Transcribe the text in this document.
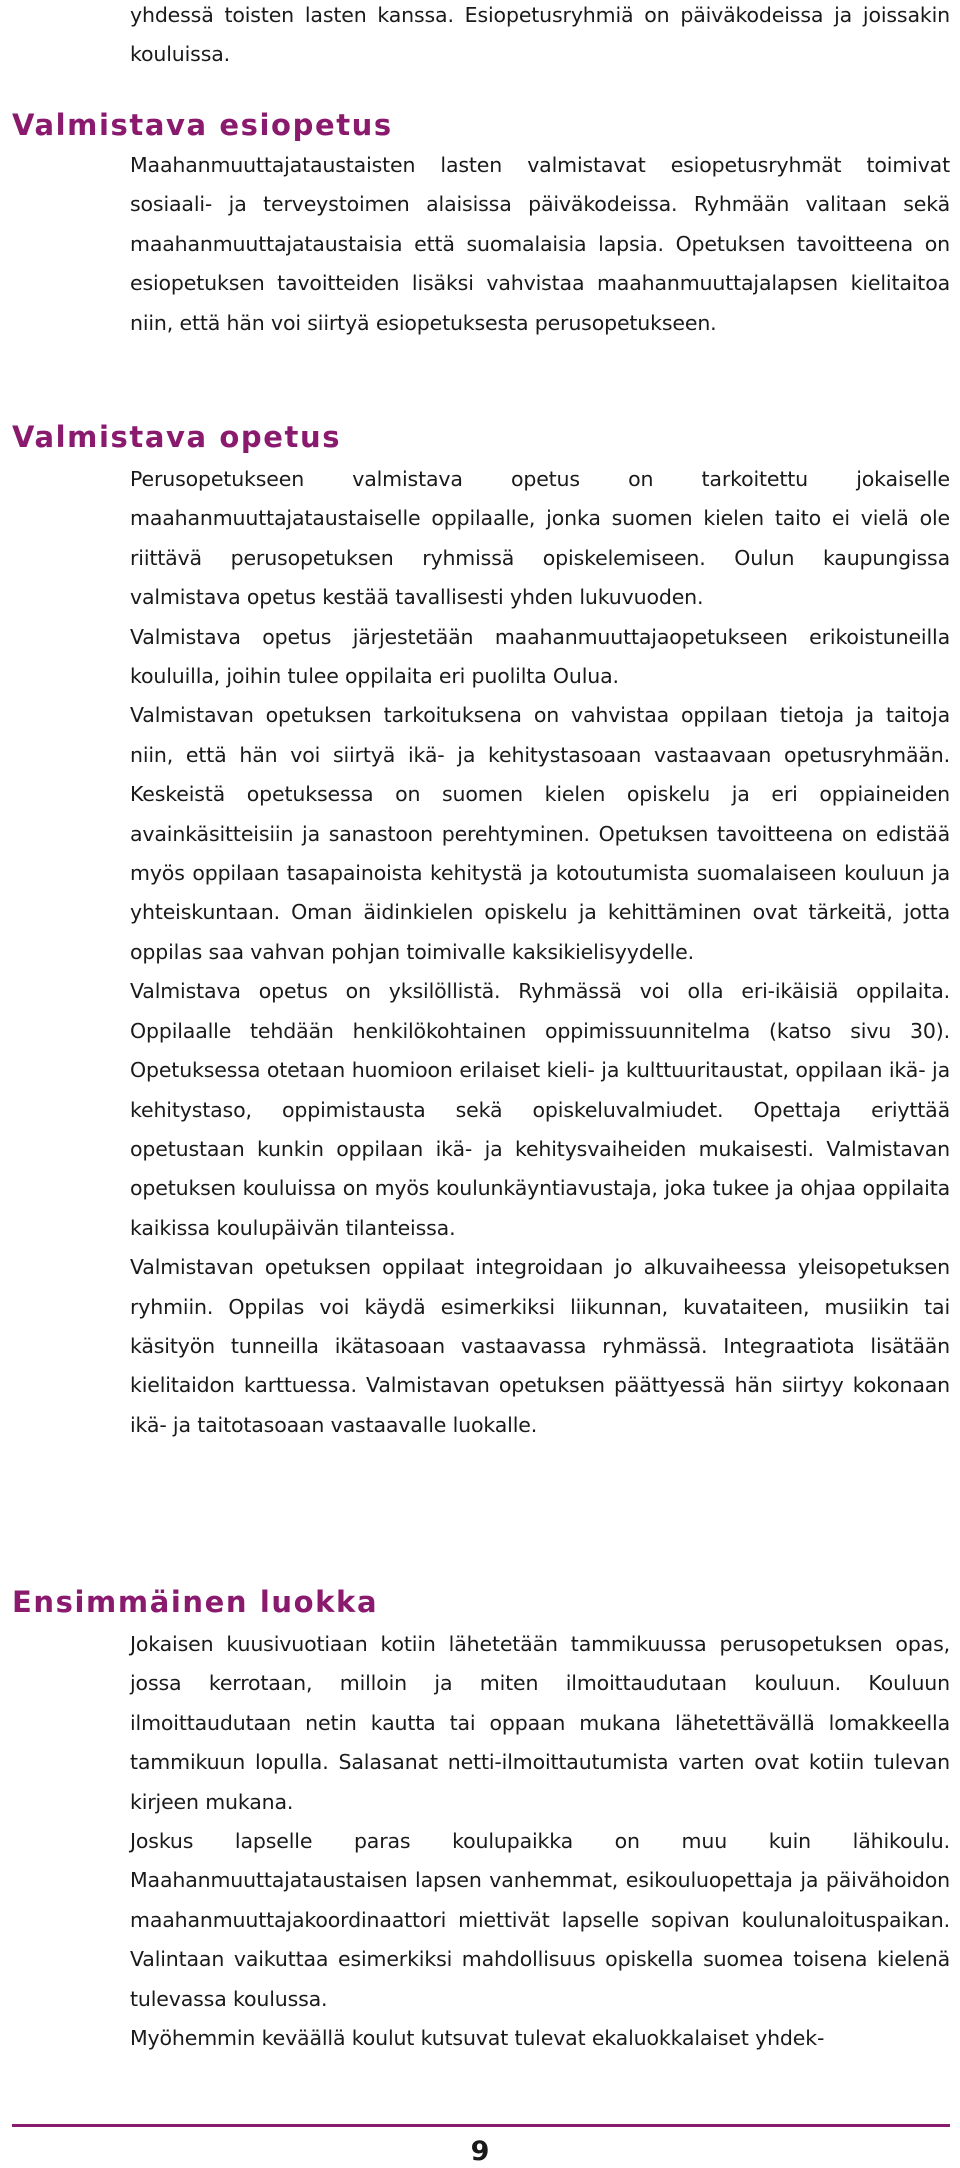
yhdessä toisten lasten kanssa. Esiopetusryhmiä on päiväkodeissa ja joissakin kouluissa.

Valmistava esiopetus

Maahanmuuttajataustaisten lasten valmistavat esiopetusryhmät toimivat sosiaali- ja terveystoimen alaisissa päiväkodeissa. Ryhmään valitaan sekä maahanmuuttajataustaisia että suomalaisia lapsia. Opetuksen tavoitteena on esiopetuksen tavoitteiden lisäksi vahvistaa maahanmuuttajalapsen kielitaitoa niin, että hän voi siirtyä esiopetuksesta perusopetukseen.

Valmistava opetus

Perusopetukseen valmistava opetus on tarkoitettu jokaiselle maahanmuuttajataustaiselle oppilaalle, jonka suomen kielen taito ei vielä ole riittävä perusopetuksen ryhmissä opiskelemiseen. Oulun kaupungissa valmistava opetus kestää tavallisesti yhden lukuvuoden.

Valmistava opetus järjestetään maahanmuuttajaopetukseen erikoistuneilla kouluilla, joihin tulee oppilaita eri puolilta Oulua.

Valmistavan opetuksen tarkoituksena on vahvistaa oppilaan tietoja ja taitoja niin, että hän voi siirtyä ikä- ja kehitystasoaan vastaavaan opetusryhmään. Keskeistä opetuksessa on suomen kielen opiskelu ja eri oppiaineiden avainkäsitteisiin ja sanastoon perehtyminen. Opetuksen tavoitteena on edistää myös oppilaan tasapainoista kehitystä ja kotoutumista suomalaiseen kouluun ja yhteiskuntaan. Oman äidinkielen opiskelu ja kehittäminen ovat tärkeitä, jotta oppilas saa vahvan pohjan toimivalle kaksikielisyydelle.

Valmistava opetus on yksilöllistä. Ryhmässä voi olla eri-ikäisiä oppilaita. Oppilaalle tehdään henkilökohtainen oppimissuunnitelma (katso sivu 30). Opetuksessa otetaan huomioon erilaiset kieli- ja kulttuuritaustat, oppilaan ikä- ja kehitystaso, oppimistausta sekä opiskeluvalmiudet. Opettaja eriyttää opetustaan kunkin oppilaan ikä- ja kehitysvaiheiden mukaisesti. Valmistavan opetuksen kouluissa on myös koulunkäyntiavustaja, joka tukee ja ohjaa oppilaita kaikissa koulupäivän tilanteissa.

Valmistavan opetuksen oppilaat integroidaan jo alkuvaiheessa yleisopetuksen ryhmiin. Oppilas voi käydä esimerkiksi liikunnan, kuvataiteen, musiikin tai käsityön tunneilla ikätasoaan vastaavassa ryhmässä. Integraatiota lisätään kielitaidon karttuessa. Valmistavan opetuksen päättyessä hän siirtyy kokonaan ikä- ja taitotasoaan vastaavalle luokalle.

Ensimmäinen luokka

Jokaisen kuusivuotiaan kotiin lähetetään tammikuussa perusopetuksen opas, jossa kerrotaan, milloin ja miten ilmoittaudutaan kouluun. Kouluun ilmoittaudutaan netin kautta tai oppaan mukana lähetettävällä lomakkeella tammikuun lopulla. Salasanat netti-ilmoittautumista varten ovat kotiin tulevan kirjeen mukana.

Joskus lapselle paras koulupaikka on muu kuin lähikoulu. Maahanmuuttajataustaisen lapsen vanhemmat, esikouluopettaja ja päivähoidon maahanmuuttajakoordinaattori miettivät lapselle sopivan koulunaloituspaikan. Valintaan vaikuttaa esimerkiksi mahdollisuus opiskella suomea toisena kielenä tulevassa koulussa.

Myöhemmin keväällä koulut kutsuvat tulevat ekaluokkalaiset yhdek-

9
